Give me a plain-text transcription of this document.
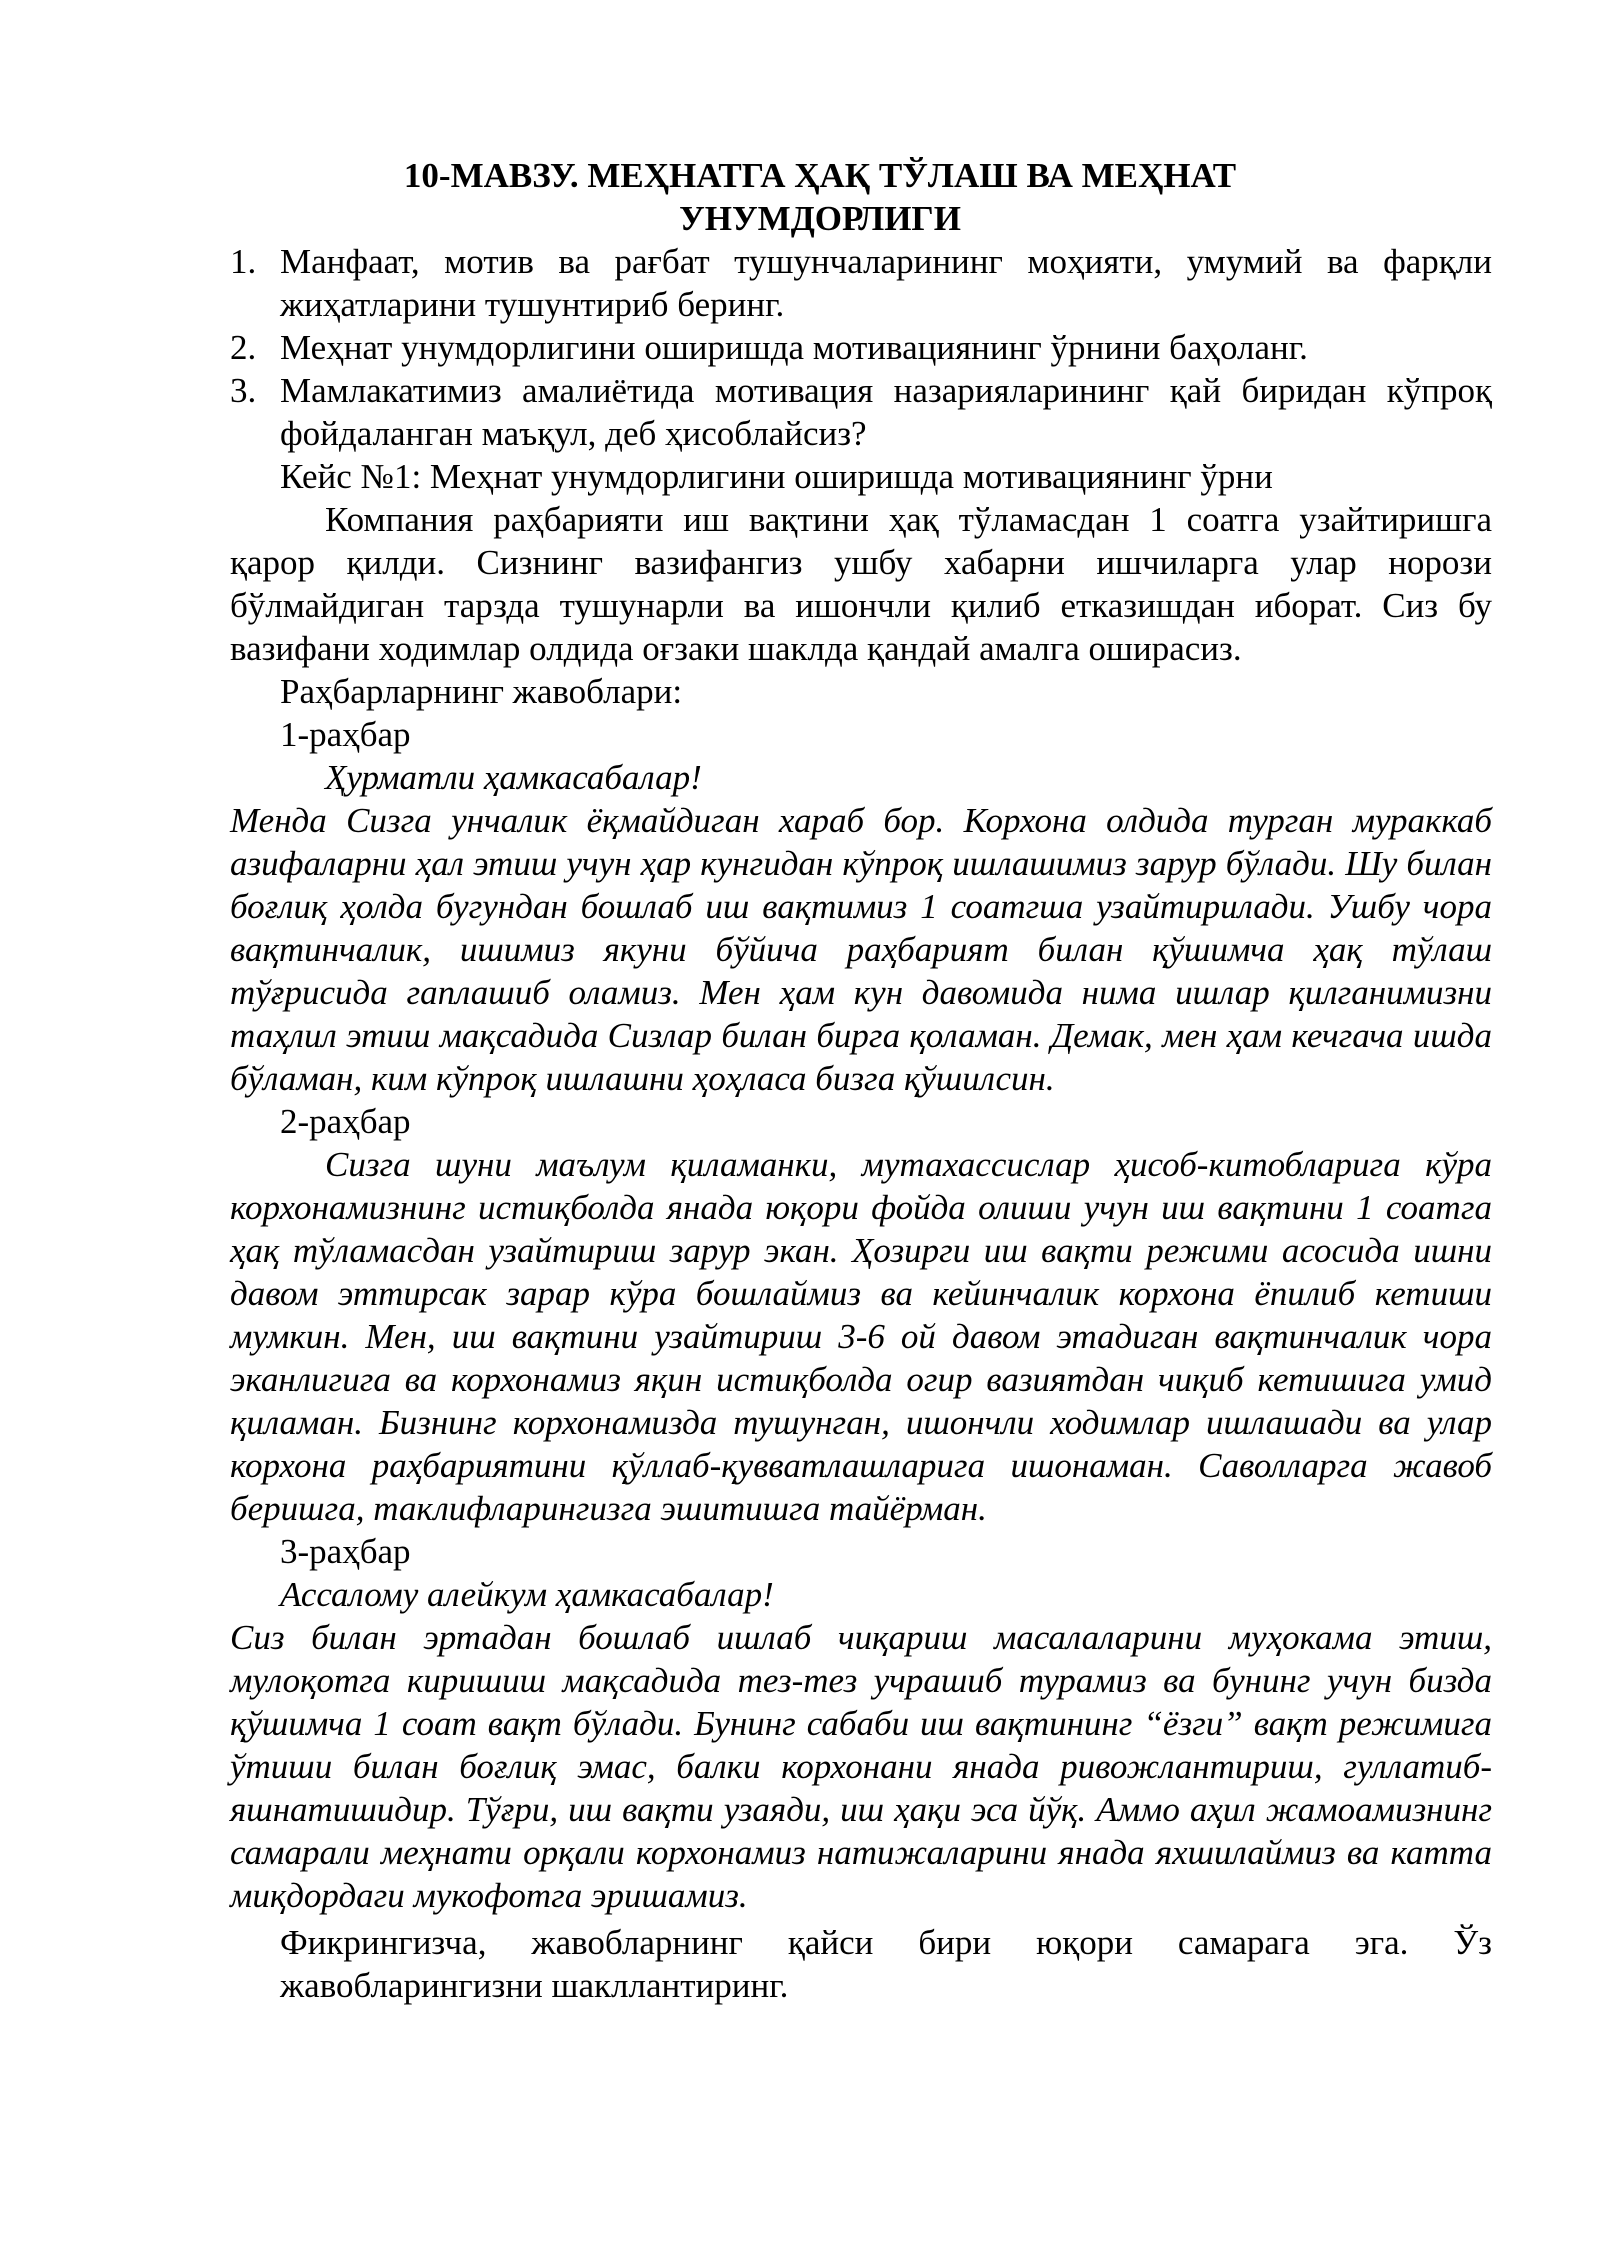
10-МАВЗУ. МЕҲНАТГА ҲАҚ ТЎЛАШ ВА МЕҲНАТ
УНУМДОРЛИГИ
1. Манфаат, мотив ва рағбат тушунчаларининг моҳияти, умумий ва фарқли жиҳатларини тушунтириб беринг.
2. Меҳнат унумдорлигини оширишда мотивациянинг ўрнини баҳоланг.
3. Мамлакатимиз амалиётида мотивация назарияларининг қай биридан кўпроқ фойдаланган маъқул, деб ҳисоблайсиз?

Кейс №1: Меҳнат унумдорлигини оширишда мотивациянинг ўрни

Компания раҳбарияти иш вақтини ҳақ тўламасдан 1 соатга узайтиришга қарор қилди. Сизнинг вазифангиз ушбу хабарни ишчиларга улар норози бўлмайдиган тарзда тушунарли ва ишончли қилиб етказишдан иборат. Сиз бу вазифани ходимлар олдида оғзаки шаклда қандай амалга оширасиз.

Раҳбарларнинг жавоблари:

1-раҳбар

Ҳурматли ҳамкасабалар!

Менда Сизга унчалик ёқмайдиган хараб бор. Корхона олдида турган мураккаб азифаларни ҳал этиш учун ҳар кунгидан кўпроқ ишлашимиз зарур бўлади. Шу билан боғлиқ ҳолда бугундан бошлаб иш вақтимиз 1 соатгша узайтирилади. Ушбу чора вақтинчалик, ишимиз якуни бўйича раҳбарият билан қўшимча ҳақ тўлаш тўғрисида гаплашиб оламиз. Мен ҳам кун давомида нима ишлар қилганимизни таҳлил этиш мақсадида Сизлар билан бирга қоламан. Демак, мен ҳам кечгача ишда бўламан, ким кўпроқ ишлашни ҳоҳласа бизга қўшилсин.

2-раҳбар

Сизга шуни маълум қиламанки, мутахассислар ҳисоб-китобларига кўра корхонамизнинг истиқболда янада юқори фойда олиши учун иш вақтини 1 соатга ҳақ тўламасдан узайтириш зарур экан. Ҳозирги иш вақти режими асосида ишни давом эттирсак зарар кўра бошлаймиз ва кейинчалик корхона ёпилиб кетиши мумкин. Мен, иш вақтини узайтириш 3-6 ой давом этадиган вақтинчалик чора эканлигига ва корхонамиз яқин истиқболда огир вазиятдан чиқиб кетишига умид қиламан. Бизнинг корхонамизда тушунган, ишончли ходимлар ишлашади ва улар корхона раҳбариятини қўллаб-қувватлашларига ишонаман. Саволларга жавоб беришга, таклифларингизга эшитишга тайёрман.

3-раҳбар

Ассалому алейкум ҳамкасабалар!

Сиз билан эртадан бошлаб ишлаб чиқариш масалаларини муҳокама этиш, мулоқотга киришиш мақсадида тез-тез учрашиб турамиз ва бунинг учун бизда қўшимча 1 соат вақт бўлади. Бунинг сабаби иш вақтининг “ёзги” вақт режимига ўтиши билан боғлиқ эмас, балки корхонани янада ривожлантириш, гуллатиб-яшнатишидир. Тўғри, иш вақти узаяди, иш ҳақи эса йўқ. Аммо аҳил жамоамизнинг самарали меҳнати орқали корхонамиз натижаларини янада яхшилаймиз ва катта миқдордаги мукофотга эришамиз.

Фикрингизча, жавобларнинг қайси бири юқори самарага эга. Ўз жавобларингизни шакллантиринг.
